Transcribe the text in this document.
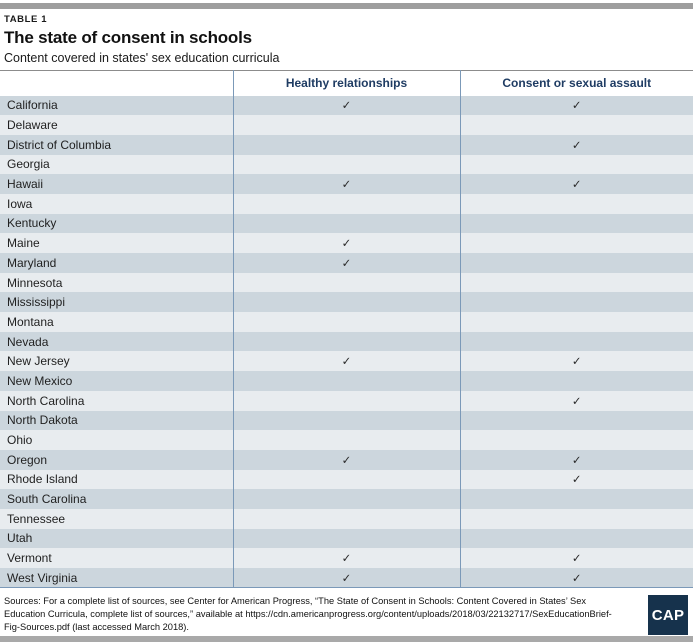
TABLE 1
The state of consent in schools
Content covered in states' sex education curricula
	Healthy relationships	Consent or sexual assault
California	✓	✓
Delaware		
District of Columbia		✓
Georgia		
Hawaii	✓	✓
Iowa		
Kentucky		
Maine	✓	
Maryland	✓	
Minnesota		
Mississippi		
Montana		
Nevada		
New Jersey	✓	✓
New Mexico		
North Carolina		✓
North Dakota		
Ohio		
Oregon	✓	✓
Rhode Island		✓
South Carolina		
Tennessee		
Utah		
Vermont	✓	✓
West Virginia	✓	✓
Sources: For a complete list of sources, see Center for American Progress, “The State of Consent in Schools: Content Covered in States’ Sex Education Curricula, complete list of sources,” available at https://cdn.americanprogress.org/content/uploads/2018/03/22132717/SexEducationBrief-Fig-Sources.pdf (last accessed March 2018).
CAP
